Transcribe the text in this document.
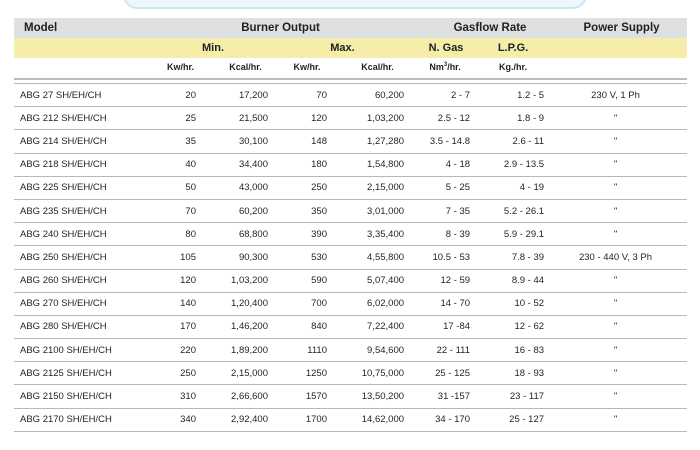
Model	Burner Output				Gasflow Rate		Power Supply
	Min.		Max.		N. Gas	L.P.G.	
	Kw/hr.	Kcal/hr.	Kw/hr.	Kcal/hr.	Nm$^3$/hr.	Kg./hr.	

ABG 27 SH/EH/CH	20	17,200	70	60,200	2 - 7	1.2 - 5	230 V, 1 Ph
ABG 212 SH/EH/CH	25	21,500	120	1,03,200	2.5 - 12	1.8 - 9	"
ABG 214 SH/EH/CH	35	30,100	148	1,27,280	3.5 - 14.8	2.6 - 11	"
ABG 218 SH/EH/CH	40	34,400	180	1,54,800	4 - 18	2.9 - 13.5	"
ABG 225 SH/EH/CH	50	43,000	250	2,15,000	5 - 25	4 - 19	"
ABG 235 SH/EH/CH	70	60,200	350	3,01,000	7 - 35	5.2 - 26.1	"
ABG 240 SH/EH/CH	80	68,800	390	3,35,400	8 - 39	5.9 - 29.1	"
ABG 250 SH/EH/CH	105	90,300	530	4,55,800	10.5 - 53	7.8 - 39	230 - 440 V, 3 Ph
ABG 260 SH/EH/CH	120	1,03,200	590	5,07,400	12 - 59	8.9 - 44	"
ABG 270 SH/EH/CH	140	1,20,400	700	6,02,000	14 - 70	10 - 52	"
ABG 280 SH/EH/CH	170	1,46,200	840	7,22,400	17 -84	12 - 62	"
ABG 2100 SH/EH/CH	220	1,89,200	1110	9,54,600	22 - 111	16 - 83	"
ABG 2125 SH/EH/CH	250	2,15,000	1250	10,75,000	25 - 125	18 - 93	"
ABG 2150 SH/EH/CH	310	2,66,600	1570	13,50,200	31 -157	23 - 117	"
ABG 2170 SH/EH/CH	340	2,92,400	1700	14,62,000	34 - 170	25 - 127	"
